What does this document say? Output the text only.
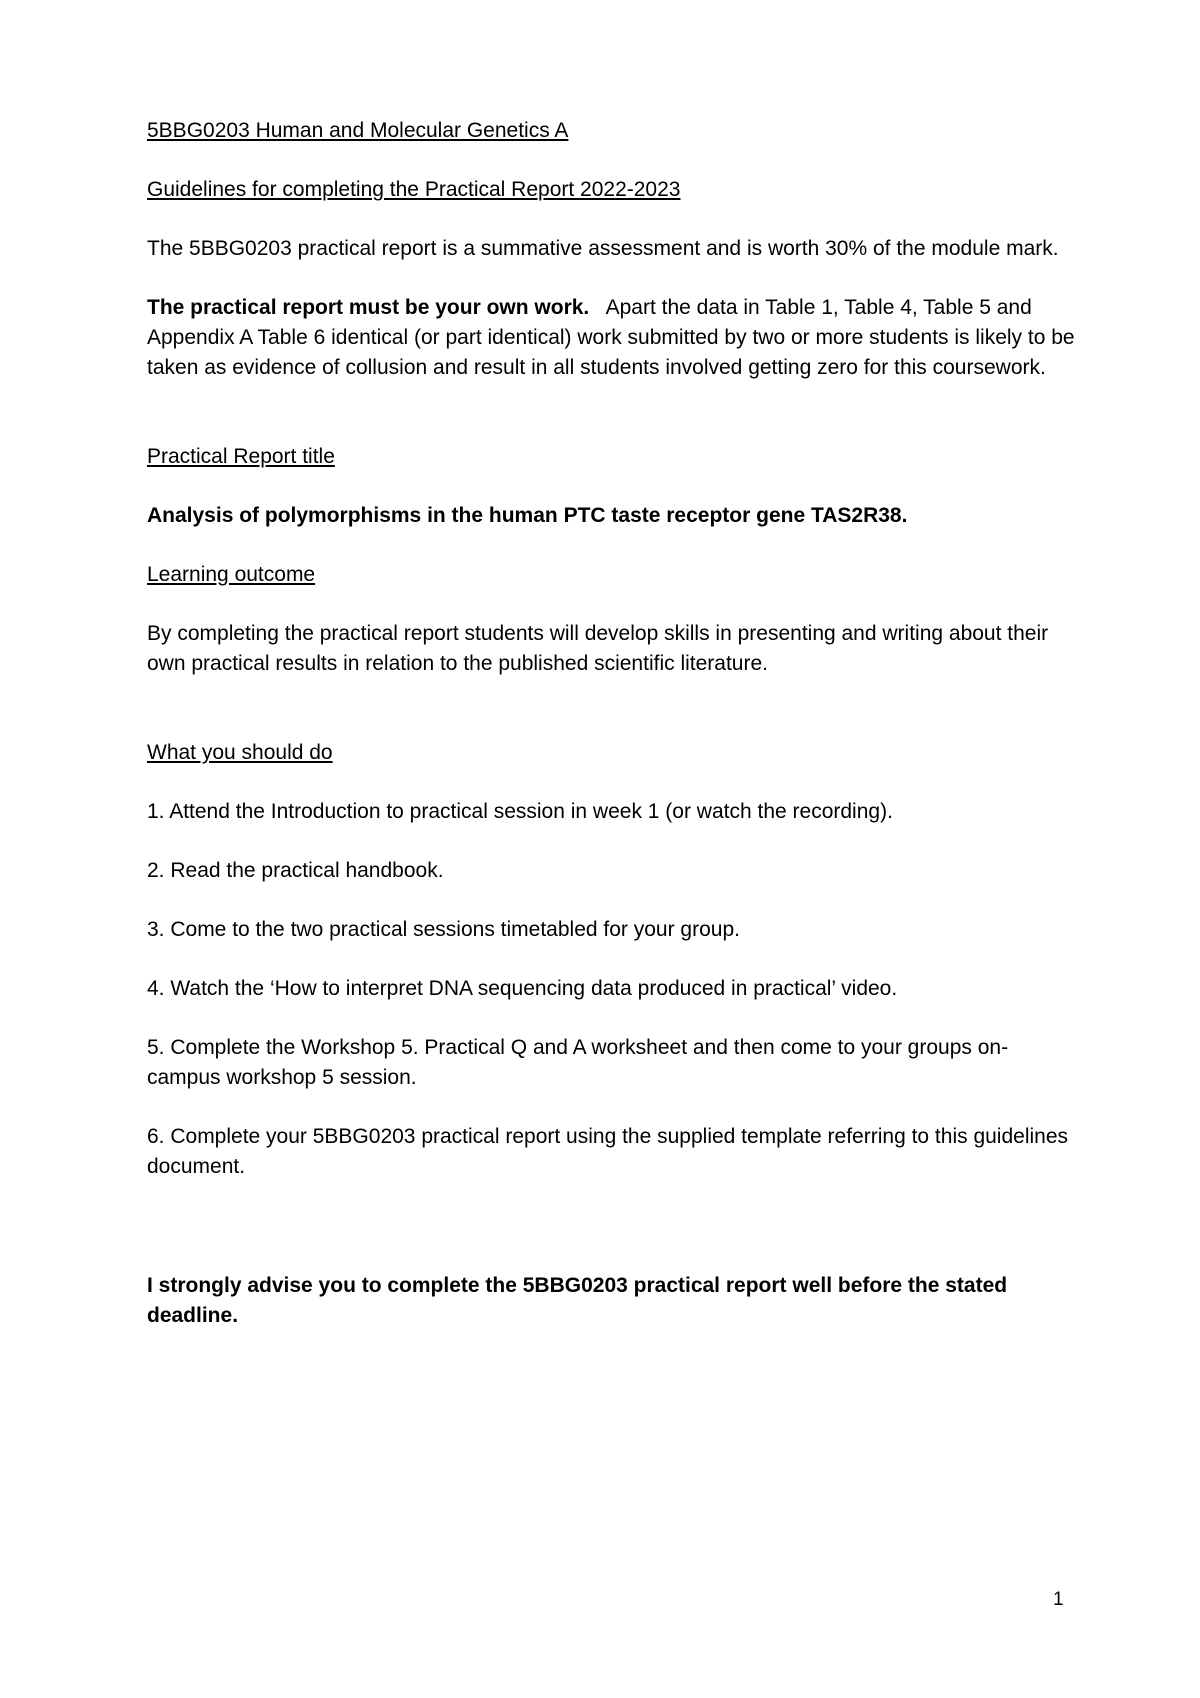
5BBG0203 Human and Molecular Genetics A

Guidelines for completing the Practical Report 2022-2023

The 5BBG0203 practical report is a summative assessment and is worth 30% of the module mark.

The practical report must be your own work.   Apart the data in Table 1, Table 4, Table 5 and Appendix A Table 6 identical (or part identical) work submitted by two or more students is likely to be taken as evidence of collusion and result in all students involved getting zero for this coursework.

Practical Report title

Analysis of polymorphisms in the human PTC taste receptor gene TAS2R38.

Learning outcome

By completing the practical report students will develop skills in presenting and writing about their own practical results in relation to the published scientific literature.

What you should do

1. Attend the Introduction to practical session in week 1 (or watch the recording).

2. Read the practical handbook.

3. Come to the two practical sessions timetabled for your group.

4. Watch the ‘How to interpret DNA sequencing data produced in practical’ video.

5. Complete the Workshop 5. Practical Q and A worksheet and then come to your groups on-campus workshop 5 session.

6. Complete your 5BBG0203 practical report using the supplied template referring to this guidelines document.

I strongly advise you to complete the 5BBG0203 practical report well before the stated deadline.

1
